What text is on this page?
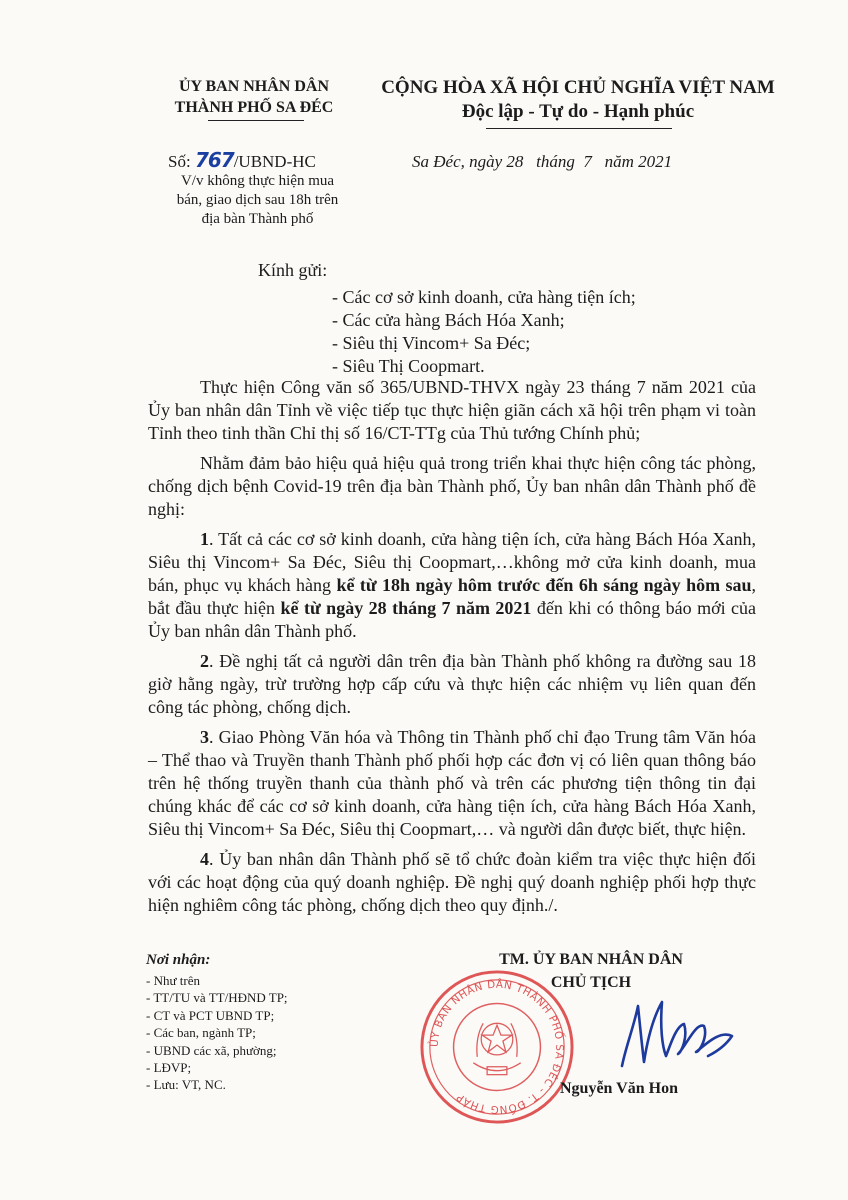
ỦY BAN NHÂN DÂN
THÀNH PHỐ SA ĐÉC
CỘNG HÒA XÃ HỘI CHỦ NGHĨA VIỆT NAM
Độc lập - Tự do - Hạnh phúc
Số: 767/UBND-HC
V/v không thực hiện mua
bán, giao dịch sau 18h trên
địa bàn Thành phố
Sa Đéc, ngày 28   tháng  7   năm 2021
Kính gửi:
- Các cơ sở kinh doanh, cửa hàng tiện ích;
- Các cửa hàng Bách Hóa Xanh;
- Siêu thị Vincom+ Sa Đéc;
- Siêu Thị Coopmart.

Thực hiện Công văn số 365/UBND-THVX ngày 23 tháng 7 năm 2021 của Ủy ban nhân dân Tỉnh về việc tiếp tục thực hiện giãn cách xã hội trên phạm vi toàn Tỉnh theo tinh thần Chỉ thị số 16/CT-TTg của Thủ tướng Chính phủ;

Nhằm đảm bảo hiệu quả hiệu quả trong triển khai thực hiện công tác phòng, chống dịch bệnh Covid-19 trên địa bàn Thành phố, Ủy ban nhân dân Thành phố đề nghị:

1. Tất cả các cơ sở kinh doanh, cửa hàng tiện ích, cửa hàng Bách Hóa Xanh, Siêu thị Vincom+ Sa Đéc, Siêu thị Coopmart,…không mở cửa kinh doanh, mua bán, phục vụ khách hàng kể từ 18h ngày hôm trước đến 6h sáng ngày hôm sau, bắt đầu thực hiện kể từ ngày 28 tháng 7 năm 2021 đến khi có thông báo mới của Ủy ban nhân dân Thành phố.

2. Đề nghị tất cả người dân trên địa bàn Thành phố không ra đường sau 18 giờ hằng ngày, trừ trường hợp cấp cứu và thực hiện các nhiệm vụ liên quan đến công tác phòng, chống dịch.

3. Giao Phòng Văn hóa và Thông tin Thành phố chỉ đạo Trung tâm Văn hóa – Thể thao và Truyền thanh Thành phố phối hợp các đơn vị có liên quan thông báo trên hệ thống truyền thanh của thành phố và trên các phương tiện thông tin đại chúng khác để các cơ sở kinh doanh, cửa hàng tiện ích, cửa hàng Bách Hóa Xanh, Siêu thị Vincom+ Sa Đéc, Siêu thị Coopmart,… và người dân được biết, thực hiện.

4. Ủy ban nhân dân Thành phố sẽ tổ chức đoàn kiểm tra việc thực hiện đối với các hoạt động của quý doanh nghiệp. Đề nghị quý doanh nghiệp phối hợp thực hiện nghiêm công tác phòng, chống dịch theo quy định./.

Nơi nhận:
- Như trên
- TT/TU và TT/HĐND TP;
- CT và PCT UBND TP;
- Các ban, ngành TP;
- UBND các xã, phường;
- LĐVP;
- Lưu: VT, NC.
ỦY BAN NHÂN DÂN THÀNH PHỐ SA ĐÉC - T. ĐỒNG THÁP
TM. ỦY BAN NHÂN DÂN
CHỦ TỊCH
Nguyễn Văn Hon
